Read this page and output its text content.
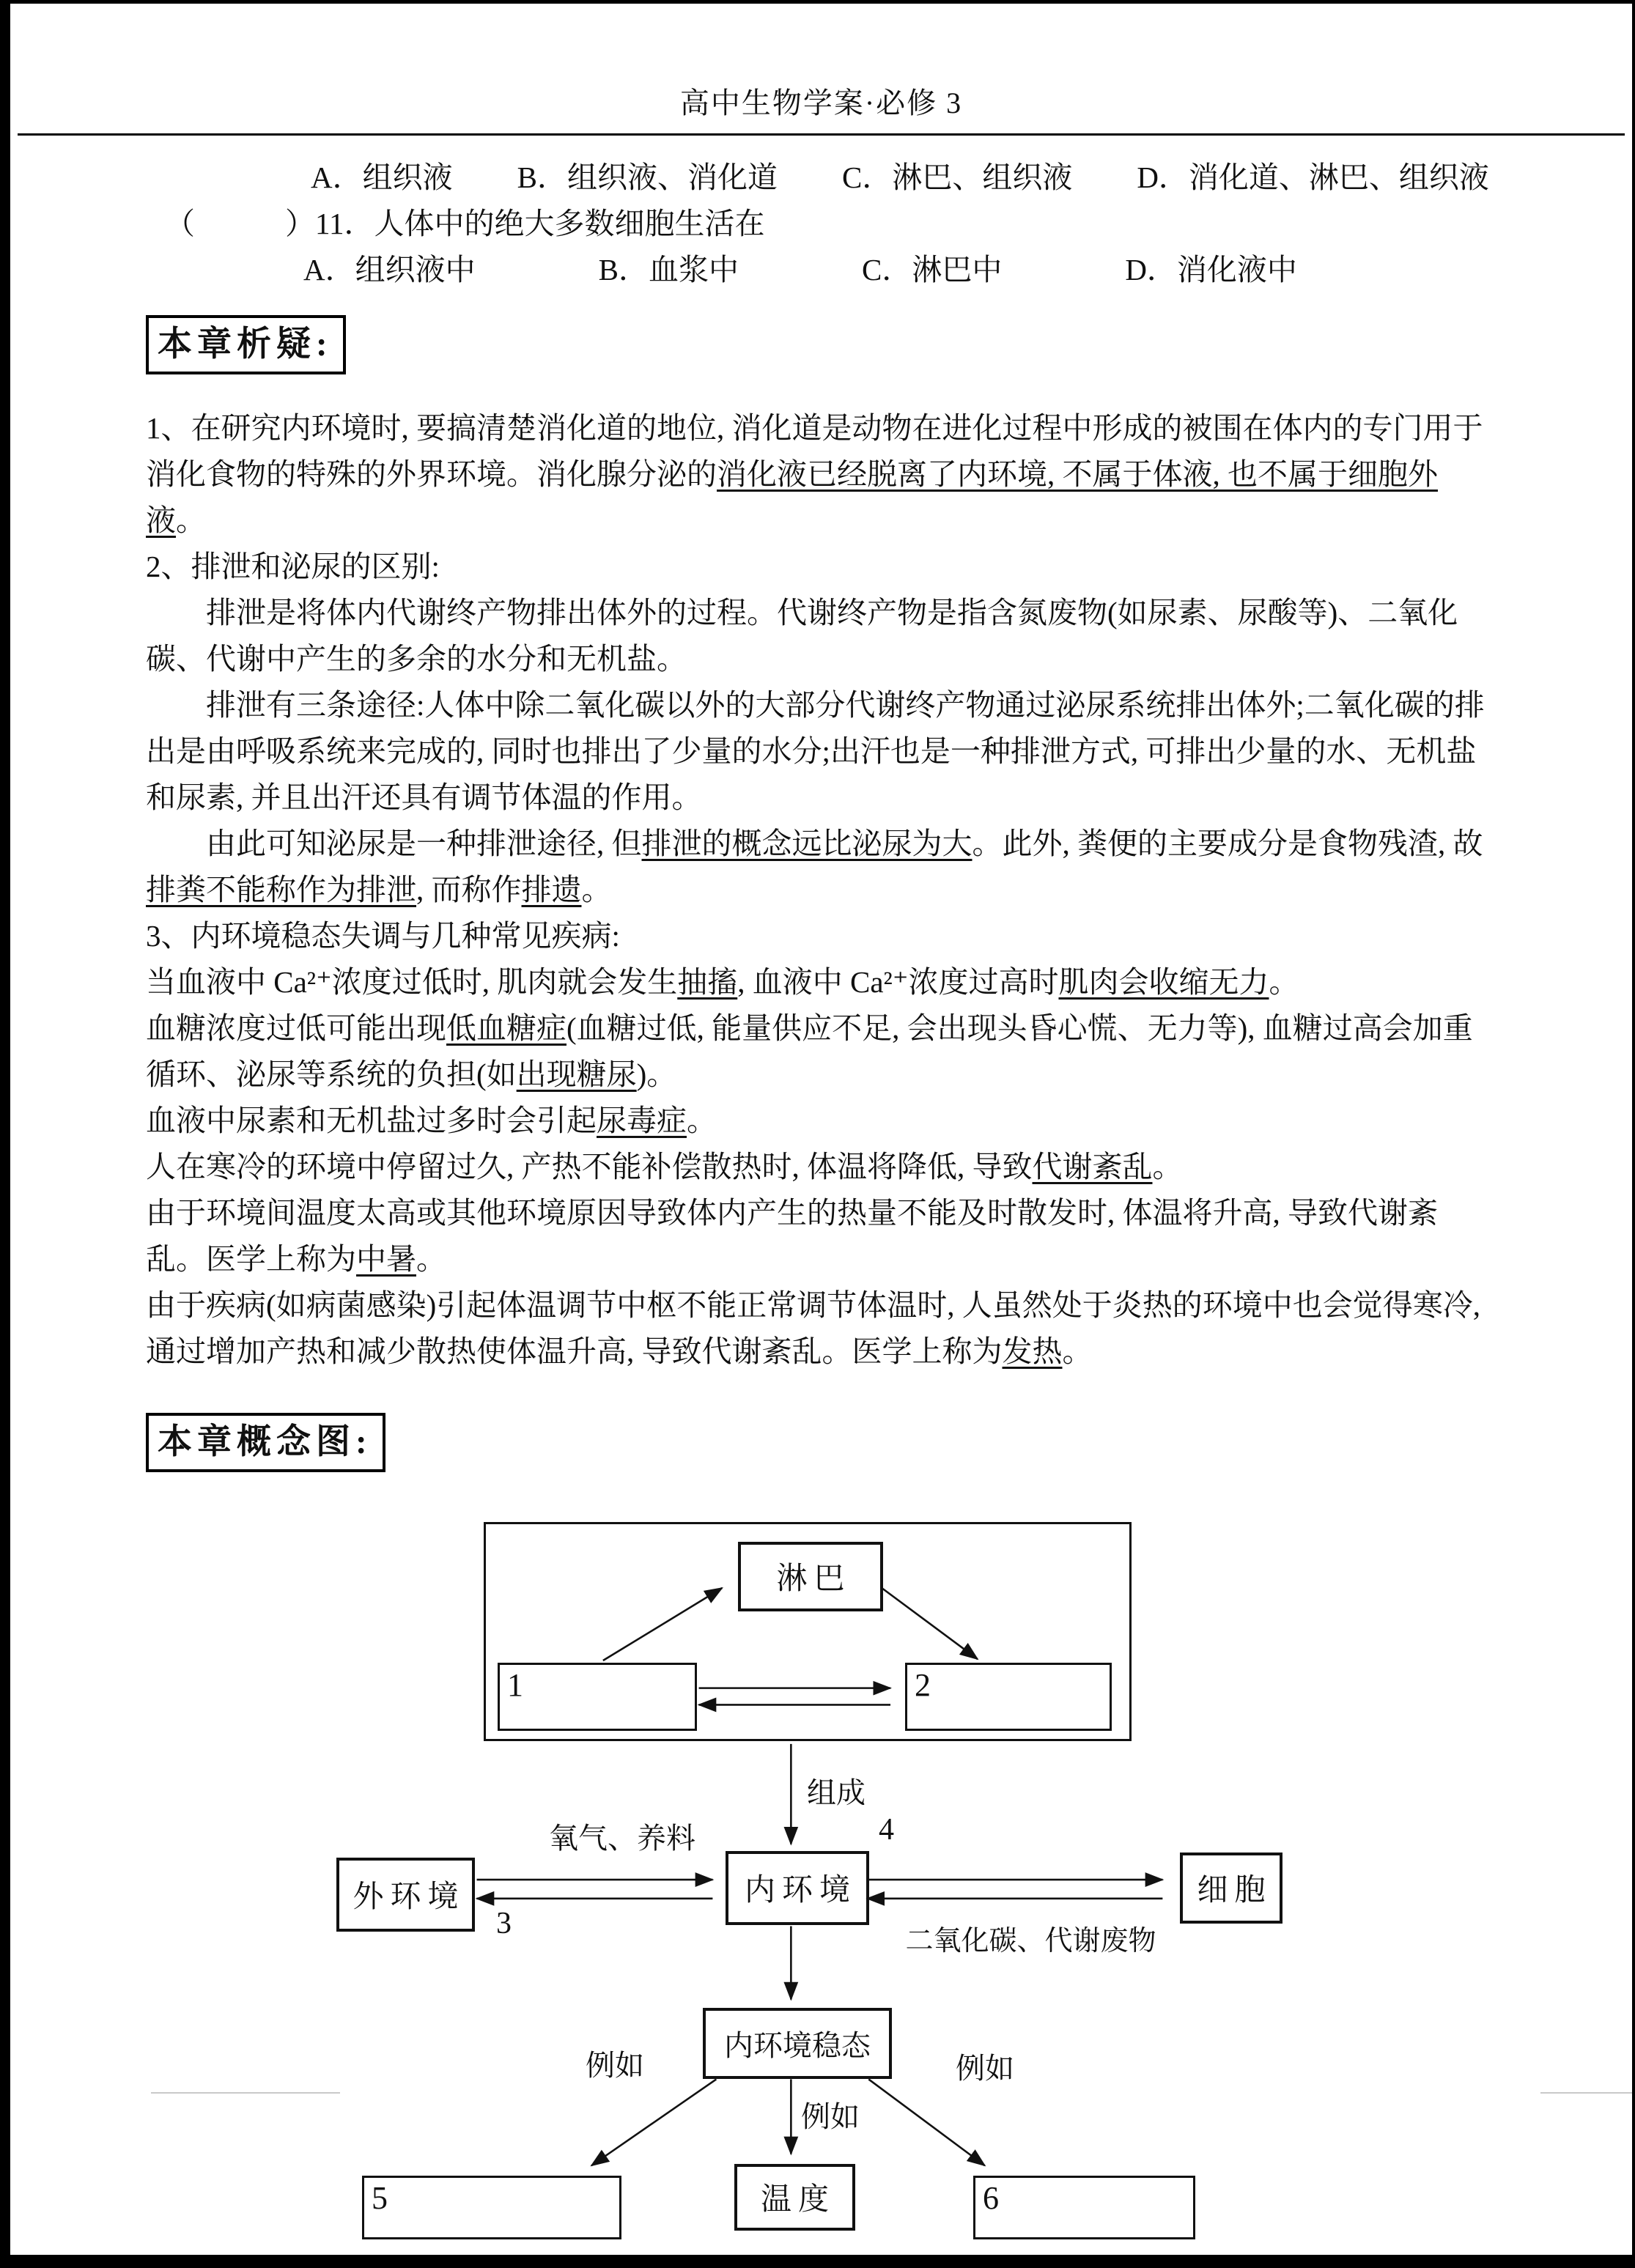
高中生物学案·必修 3
A．组织液 B．组织液、消化道 C．淋巴、组织液 D．消化道、淋巴、组织液
（　　　）11．人体中的绝大多数细胞生活在
A．组织液中	B．血浆中	C．淋巴中	D．消化液中
本章析疑:
1、在研究内环境时, 要搞清楚消化道的地位, 消化道是动物在进化过程中形成的被围在体内的专门用于消化食物的特殊的外界环境。消化腺分泌的消化液已经脱离了内环境, 不属于体液, 也不属于细胞外液。
2、排泄和泌尿的区别:
排泄是将体内代谢终产物排出体外的过程。代谢终产物是指含氮废物(如尿素、尿酸等)、二氧化碳、代谢中产生的多余的水分和无机盐。
排泄有三条途径:人体中除二氧化碳以外的大部分代谢终产物通过泌尿系统排出体外;二氧化碳的排出是由呼吸系统来完成的, 同时也排出了少量的水分;出汗也是一种排泄方式, 可排出少量的水、无机盐和尿素, 并且出汗还具有调节体温的作用。
由此可知泌尿是一种排泄途径, 但排泄的概念远比泌尿为大。此外, 粪便的主要成分是食物残渣, 故排粪不能称作为排泄, 而称作排遗。
3、内环境稳态失调与几种常见疾病:
当血液中 Ca²⁺浓度过低时, 肌肉就会发生抽搐, 血液中 Ca²⁺浓度过高时肌肉会收缩无力。
血糖浓度过低可能出现低血糖症(血糖过低, 能量供应不足, 会出现头昏心慌、无力等), 血糖过高会加重循环、泌尿等系统的负担(如出现糖尿)。
血液中尿素和无机盐过多时会引起尿毒症。
人在寒冷的环境中停留过久, 产热不能补偿散热时, 体温将降低, 导致代谢紊乱。
由于环境间温度太高或其他环境原因导致体内产生的热量不能及时散发时, 体温将升高, 导致代谢紊乱。医学上称为中暑。
由于疾病(如病菌感染)引起体温调节中枢不能正常调节体温时, 人虽然处于炎热的环境中也会觉得寒冷, 通过增加产热和减少散热使体温升高, 导致代谢紊乱。医学上称为发热。
本章概念图:
淋巴
1	2
外环境	内环境	细胞
内环境稳态
5	温度	6
组成
氧气、养料
3
4
二氧化碳、代谢废物
例如
例如
例如
